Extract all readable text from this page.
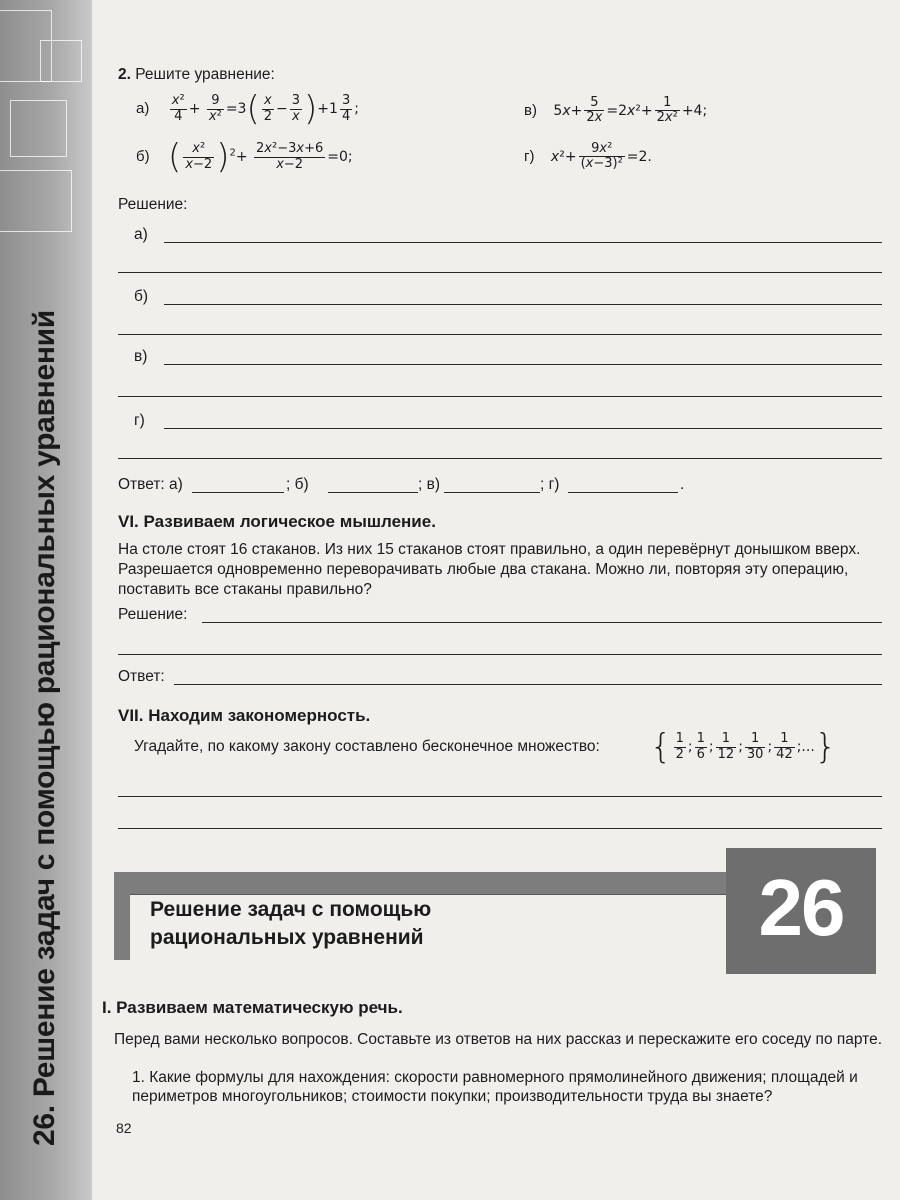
26. Решение задач с помощью рациональных уравнений
2. Решите уравнение:
$а) \frac{\text{x²}}{4} + \frac{9}{\text{x²}} =3( \frac{x}{2} - \frac{3}{x} )+1 \frac{3}{4}$ ;
б) ( $\frac{\text{x²}}{x-2} )^2+ \frac{\text{2x²−3x+6}}{x-2} =0$;
в) $5x+ \frac{5}{2x} =2x^2+ \frac{1}{\text{2x²}} +4$;
г) $x^2+ \frac{\text{9x²}}{\text{(x−3)²}} =2$.
Решение:
а)
б)
в)
г)
Ответ: а)	; б)	; в)	; г)	.
VI. Развиваем логическое мышление.
На столе стоят 16 стаканов. Из них 15 стаканов стоят правильно, а один перевёрнут донышком вверх. Разрешается одновременно переворачивать любые два стакана. Можно ли, повторяя эту операцию, поставить все стаканы правильно?
Решение:
Ответ:
VII. Находим закономерность.
Угадайте, по какому закону составлено бесконечное множество: { $\frac{1}{2}$ ; $\frac{1}{6}$ ; $\frac{1}{12}$ ; $\frac{1}{30}$ ; $\frac{1}{42}$ ;...}
Решение задач с помощью
рациональных уравнений	26
I. Развиваем математическую речь.
Перед вами несколько вопросов. Составьте из ответов на них рассказ и перескажите его соседу по парте.
1. Какие формулы для нахождения: скорости равномерного прямолинейного движения; площадей и периметров многоугольников; стоимости покупки; производительности труда вы знаете?
82
